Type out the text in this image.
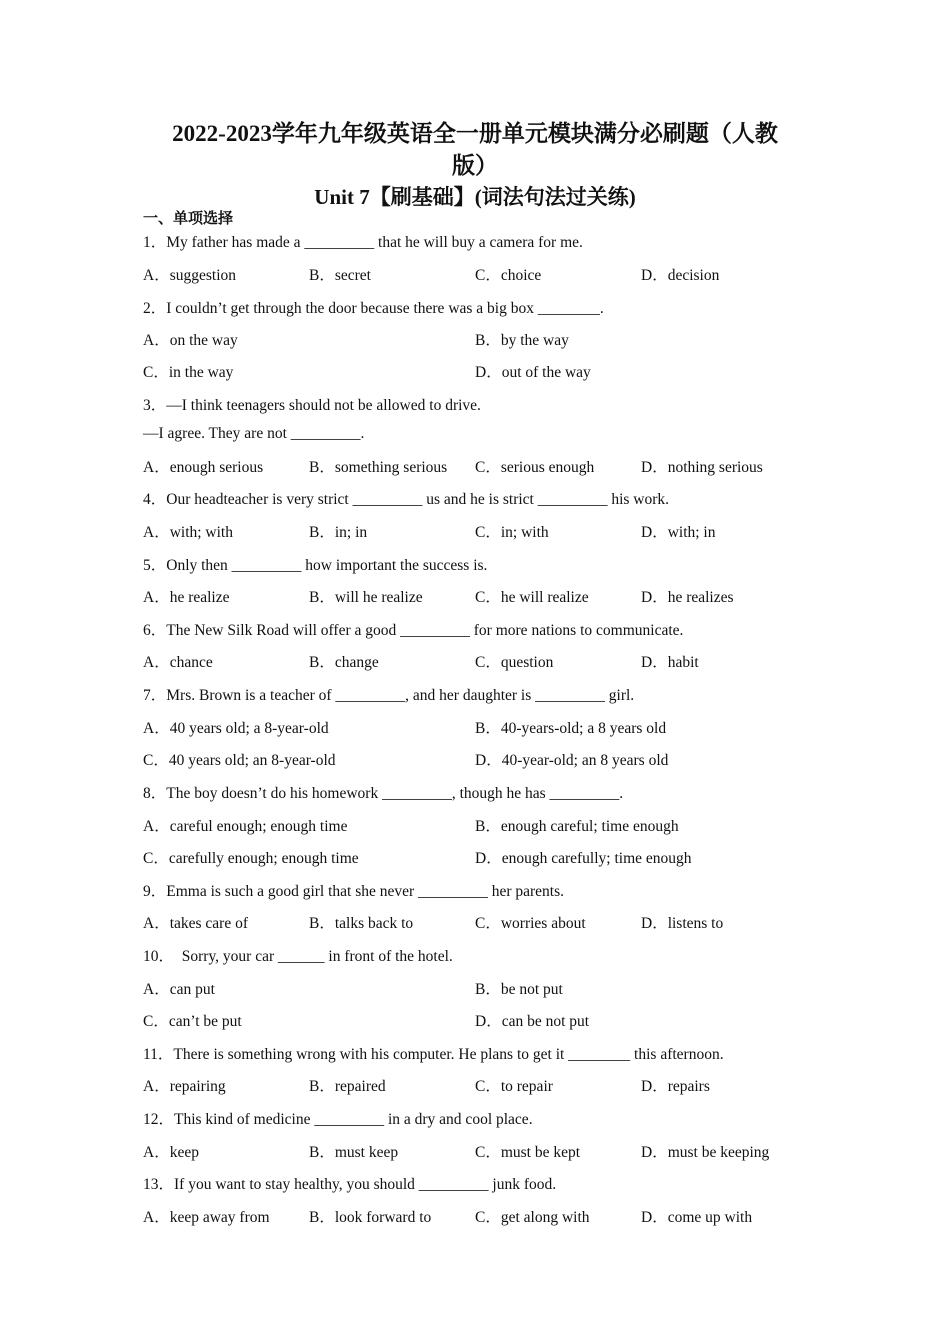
2022-2023学年九年级英语全一册单元模块满分必刷题（人教
版）
Unit 7【刷基础】(词法句法过关练)
一、单项选择
1．My father has made a _________ that he will buy a camera for me.
A．suggestion	B．secret	C．choice	D．decision
2．I couldn’t get through the door because there was a big box ________.
A．on the way	B．by the way
C．in the way	D．out of the way
3．—I think teenagers should not be allowed to drive.
—I agree. They are not _________.
A．enough serious	B．something serious C．serious enough	D．nothing serious
4．Our headteacher is very strict _________ us and he is strict _________ his work.
A．with; with	B．in; in	C．in; with	D．with; in
5．Only then _________ how important the success is.
A．he realize	B．will he realize	C．he will realize	D．he realizes
6．The New Silk Road will offer a good _________ for more nations to communicate.
A．chance	B．change	C．question	D．habit
7．Mrs. Brown is a teacher of _________, and her daughter is _________ girl.
A．40 years old; a 8-year-old	B．40-years-old; a 8 years old
C．40 years old; an 8-year-old	D．40-year-old; an 8 years old
8．The boy doesn’t do his homework _________, though he has _________.
A．careful enough; enough time	B．enough careful; time enough
C．carefully enough; enough time	D．enough carefully; time enough
9．Emma is such a good girl that she never _________ her parents.
A．takes care of	B．talks back to	C．worries about	D．listens to
10．　Sorry, your car ______ in front of the hotel.
A．can put	B．be not put
C．can’t be put	D．can be not put
11．There is something wrong with his computer. He plans to get it ________ this afternoon.
A．repairing	B．repaired	C．to repair	D．repairs
12．This kind of medicine _________ in a dry and cool place.
A．keep	B．must keep	C．must be kept	D．must be keeping
13．If you want to stay healthy, you should _________ junk food.
A．keep away from	B．look forward to	C．get along with	D．come up with
